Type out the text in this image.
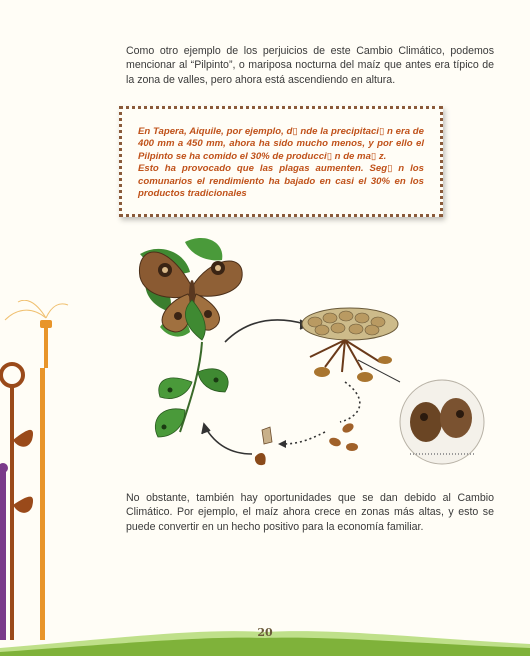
Como otro ejemplo de los perjuicios de este Cambio Climático, podemos mencionar al “Pilpinto”, o mariposa nocturna del maíz que antes era típico de la zona de valles, pero ahora está ascendiendo en altura.

En Tapera, Aiquile, por ejemplo, d▯ nde la precipitaci▯ n era de 400 mm a 450 mm, ahora ha sido mucho menos, y por ello el Pilpinto se ha comido el 30% de producci▯ n de ma▯ z.
Esto ha provocado que las plagas aumenten. Seg▯ n los comunarios el rendimiento ha bajado en casi el 30% en los productos tradicionales

No obstante, también hay oportunidades que se dan debido al Cambio Climático. Por ejemplo, el maíz ahora crece en zonas más altas, y esto se puede convertir en un hecho positivo para la economía familiar.

20
